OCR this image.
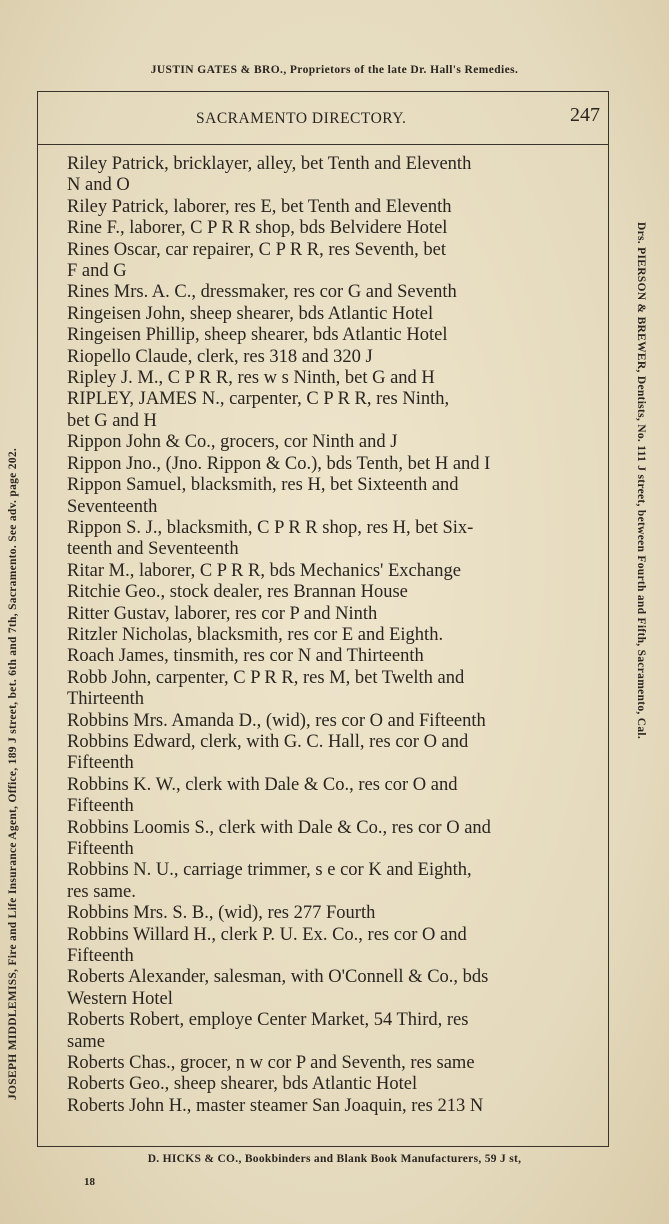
JUSTIN GATES & BRO., Proprietors of the late Dr. Hall's Remedies.
SACRAMENTO DIRECTORY.	247
JOSEPH MIDDLEMISS, Fire and Life Insurance Agent, Office, 189 J street, bet. 6th and 7th, Sacramento. See adv. page 202.	Drs. PIERSON & BREWER, Dentists, No. 111 J street, between Fourth and Fifth, Sacramento, Cal.
Riley Patrick, bricklayer, alley, bet Tenth and Eleventh
N and O
Riley Patrick, laborer, res E, bet Tenth and Eleventh
Rine F., laborer, C P R R shop, bds Belvidere Hotel
Rines Oscar, car repairer, C P R R, res Seventh, bet
F and G
Rines Mrs. A. C., dressmaker, res cor G and Seventh
Ringeisen John, sheep shearer, bds Atlantic Hotel
Ringeisen Phillip, sheep shearer, bds Atlantic Hotel
Riopello Claude, clerk, res 318 and 320 J
Ripley J. M., C P R R, res w s Ninth, bet G and H
RIPLEY, JAMES N., carpenter, C P R R, res Ninth,
bet G and H
Rippon John & Co., grocers, cor Ninth and J
Rippon Jno., (Jno. Rippon & Co.), bds Tenth, bet H and I
Rippon Samuel, blacksmith, res H, bet Sixteenth and
Seventeenth
Rippon S. J., blacksmith, C P R R shop, res H, bet Six-
teenth and Seventeenth
Ritar M., laborer, C P R R, bds Mechanics' Exchange
Ritchie Geo., stock dealer, res Brannan House
Ritter Gustav, laborer, res cor P and Ninth
Ritzler Nicholas, blacksmith, res cor E and Eighth.
Roach James, tinsmith, res cor N and Thirteenth
Robb John, carpenter, C P R R, res M, bet Twelth and
Thirteenth
Robbins Mrs. Amanda D., (wid), res cor O and Fifteenth
Robbins Edward, clerk, with G. C. Hall, res cor O and
Fifteenth
Robbins K. W., clerk with Dale & Co., res cor O and
Fifteenth
Robbins Loomis S., clerk with Dale & Co., res cor O and
Fifteenth
Robbins N. U., carriage trimmer, s e cor K and Eighth,
res same.
Robbins Mrs. S. B., (wid), res 277 Fourth
Robbins Willard H., clerk P. U. Ex. Co., res cor O and
Fifteenth
Roberts Alexander, salesman, with O'Connell & Co., bds
Western Hotel
Roberts Robert, employe Center Market, 54 Third, res
same
Roberts Chas., grocer, n w cor P and Seventh, res same
Roberts Geo., sheep shearer, bds Atlantic Hotel
Roberts John H., master steamer San Joaquin, res 213 N
D. HICKS & CO., Bookbinders and Blank Book Manufacturers, 59 J st,
18
